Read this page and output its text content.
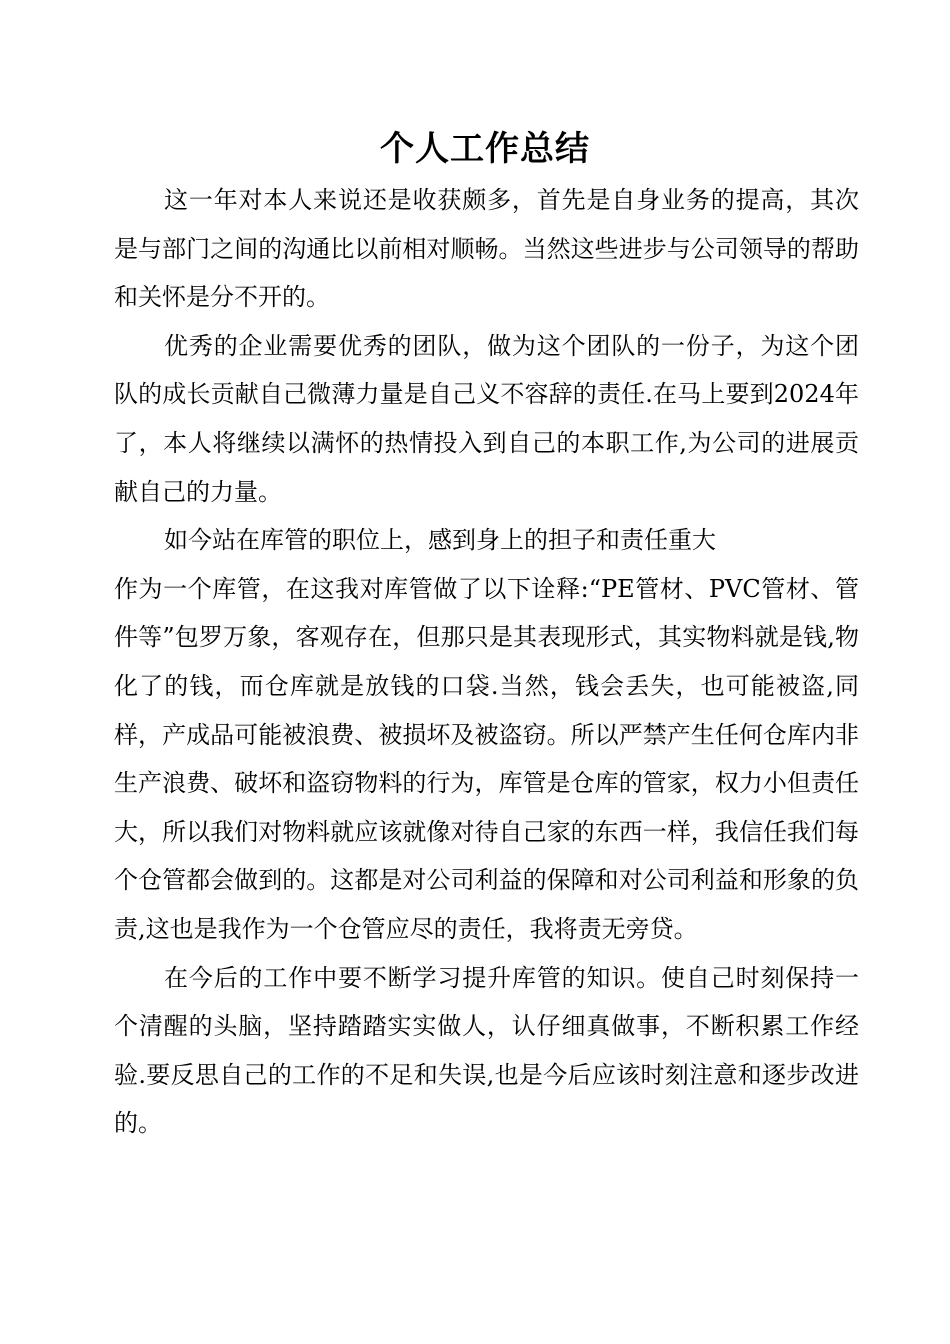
个人工作总结

这一年对本人来说还是收获颇多，首先是自身业务的提高，其次是与部门之间的沟通比以前相对顺畅。当然这些进步与公司领导的帮助和关怀是分不开的。

优秀的企业需要优秀的团队，做为这个团队的一份子，为这个团队的成长贡献自己微薄力量是自己义不容辞的责任.在马上要到2024年了，本人将继续以满怀的热情投入到自己的本职工作,为公司的进展贡献自己的力量。

如今站在库管的职位上，感到身上的担子和责任重大

作为一个库管，在这我对库管做了以下诠释:“PE管材、PVC管材、管件等”包罗万象，客观存在，但那只是其表现形式，其实物料就是钱,物化了的钱，而仓库就是放钱的口袋.当然，钱会丢失，也可能被盗,同样，产成品可能被浪费、被损坏及被盗窃。所以严禁产生任何仓库内非生产浪费、破坏和盗窃物料的行为，库管是仓库的管家，权力小但责任大，所以我们对物料就应该就像对待自己家的东西一样，我信任我们每个仓管都会做到的。这都是对公司利益的保障和对公司利益和形象的负责,这也是我作为一个仓管应尽的责任，我将责无旁贷。

在今后的工作中要不断学习提升库管的知识。使自己时刻保持一个清醒的头脑，坚持踏踏实实做人，认仔细真做事，不断积累工作经验.要反思自己的工作的不足和失误,也是今后应该时刻注意和逐步改进的。
